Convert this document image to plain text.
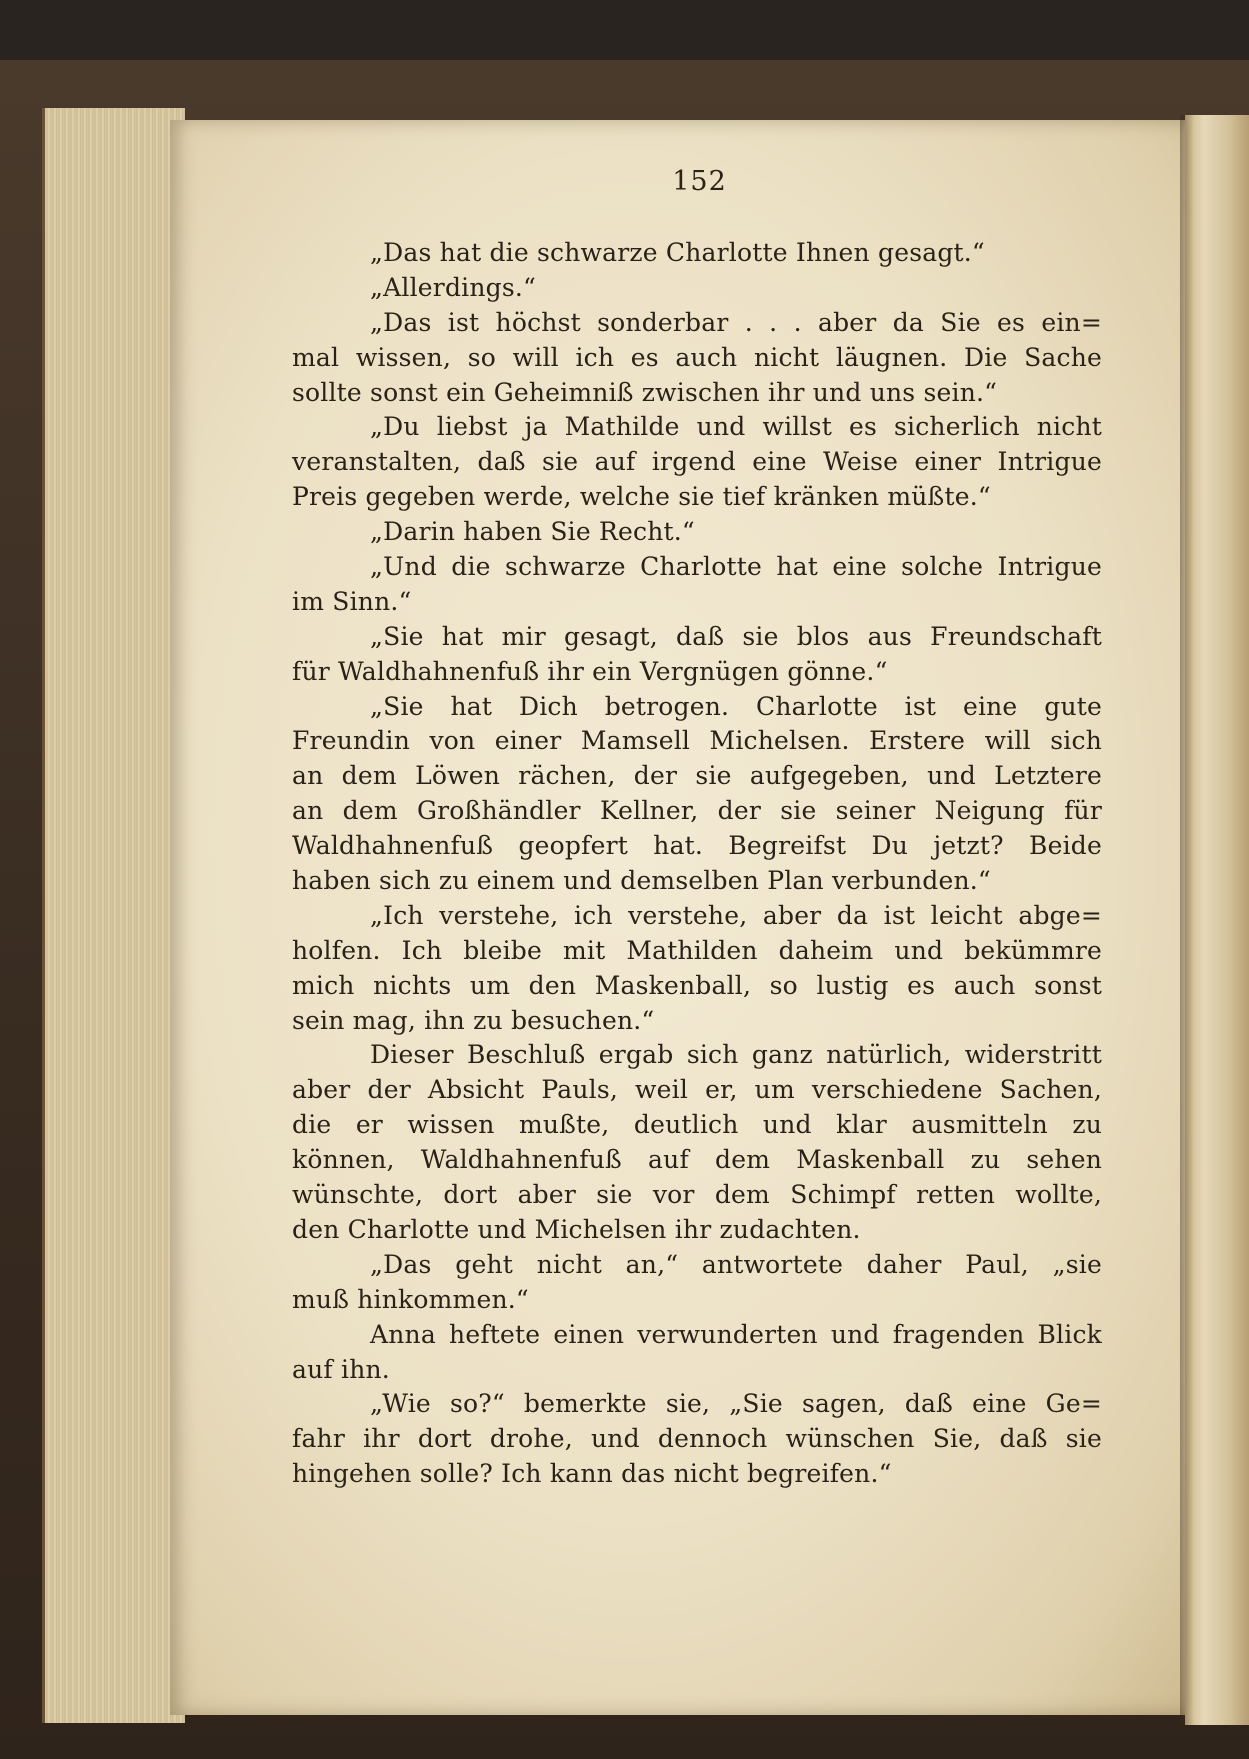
152
„Das hat die schwarze Charlotte Ihnen gesagt.“
„Allerdings.“
„Das ist höchst sonderbar . . . aber da Sie es ein=
mal wissen, so will ich es auch nicht läugnen. Die Sache
sollte sonst ein Geheimniß zwischen ihr und uns sein.“
„Du liebst ja Mathilde und willst es sicherlich nicht
veranstalten, daß sie auf irgend eine Weise einer Intrigue
Preis gegeben werde, welche sie tief kränken müßte.“
„Darin haben Sie Recht.“
„Und die schwarze Charlotte hat eine solche Intrigue
im Sinn.“
„Sie hat mir gesagt, daß sie blos aus Freundschaft
für Waldhahnenfuß ihr ein Vergnügen gönne.“
„Sie hat Dich betrogen. Charlotte ist eine gute
Freundin von einer Mamsell Michelsen. Erstere will sich
an dem Löwen rächen, der sie aufgegeben, und Letztere
an dem Großhändler Kellner, der sie seiner Neigung für
Waldhahnenfuß geopfert hat. Begreifst Du jetzt? Beide
haben sich zu einem und demselben Plan verbunden.“
„Ich verstehe, ich verstehe, aber da ist leicht abge=
holfen. Ich bleibe mit Mathilden daheim und bekümmre
mich nichts um den Maskenball, so lustig es auch sonst
sein mag, ihn zu besuchen.“
Dieser Beschluß ergab sich ganz natürlich, widerstritt
aber der Absicht Pauls, weil er, um verschiedene Sachen,
die er wissen mußte, deutlich und klar ausmitteln zu
können, Waldhahnenfuß auf dem Maskenball zu sehen
wünschte, dort aber sie vor dem Schimpf retten wollte,
den Charlotte und Michelsen ihr zudachten.
„Das geht nicht an,“ antwortete daher Paul, „sie
muß hinkommen.“
Anna heftete einen verwunderten und fragenden Blick
auf ihn.
„Wie so?“ bemerkte sie, „Sie sagen, daß eine Ge=
fahr ihr dort drohe, und dennoch wünschen Sie, daß sie
hingehen solle? Ich kann das nicht begreifen.“
